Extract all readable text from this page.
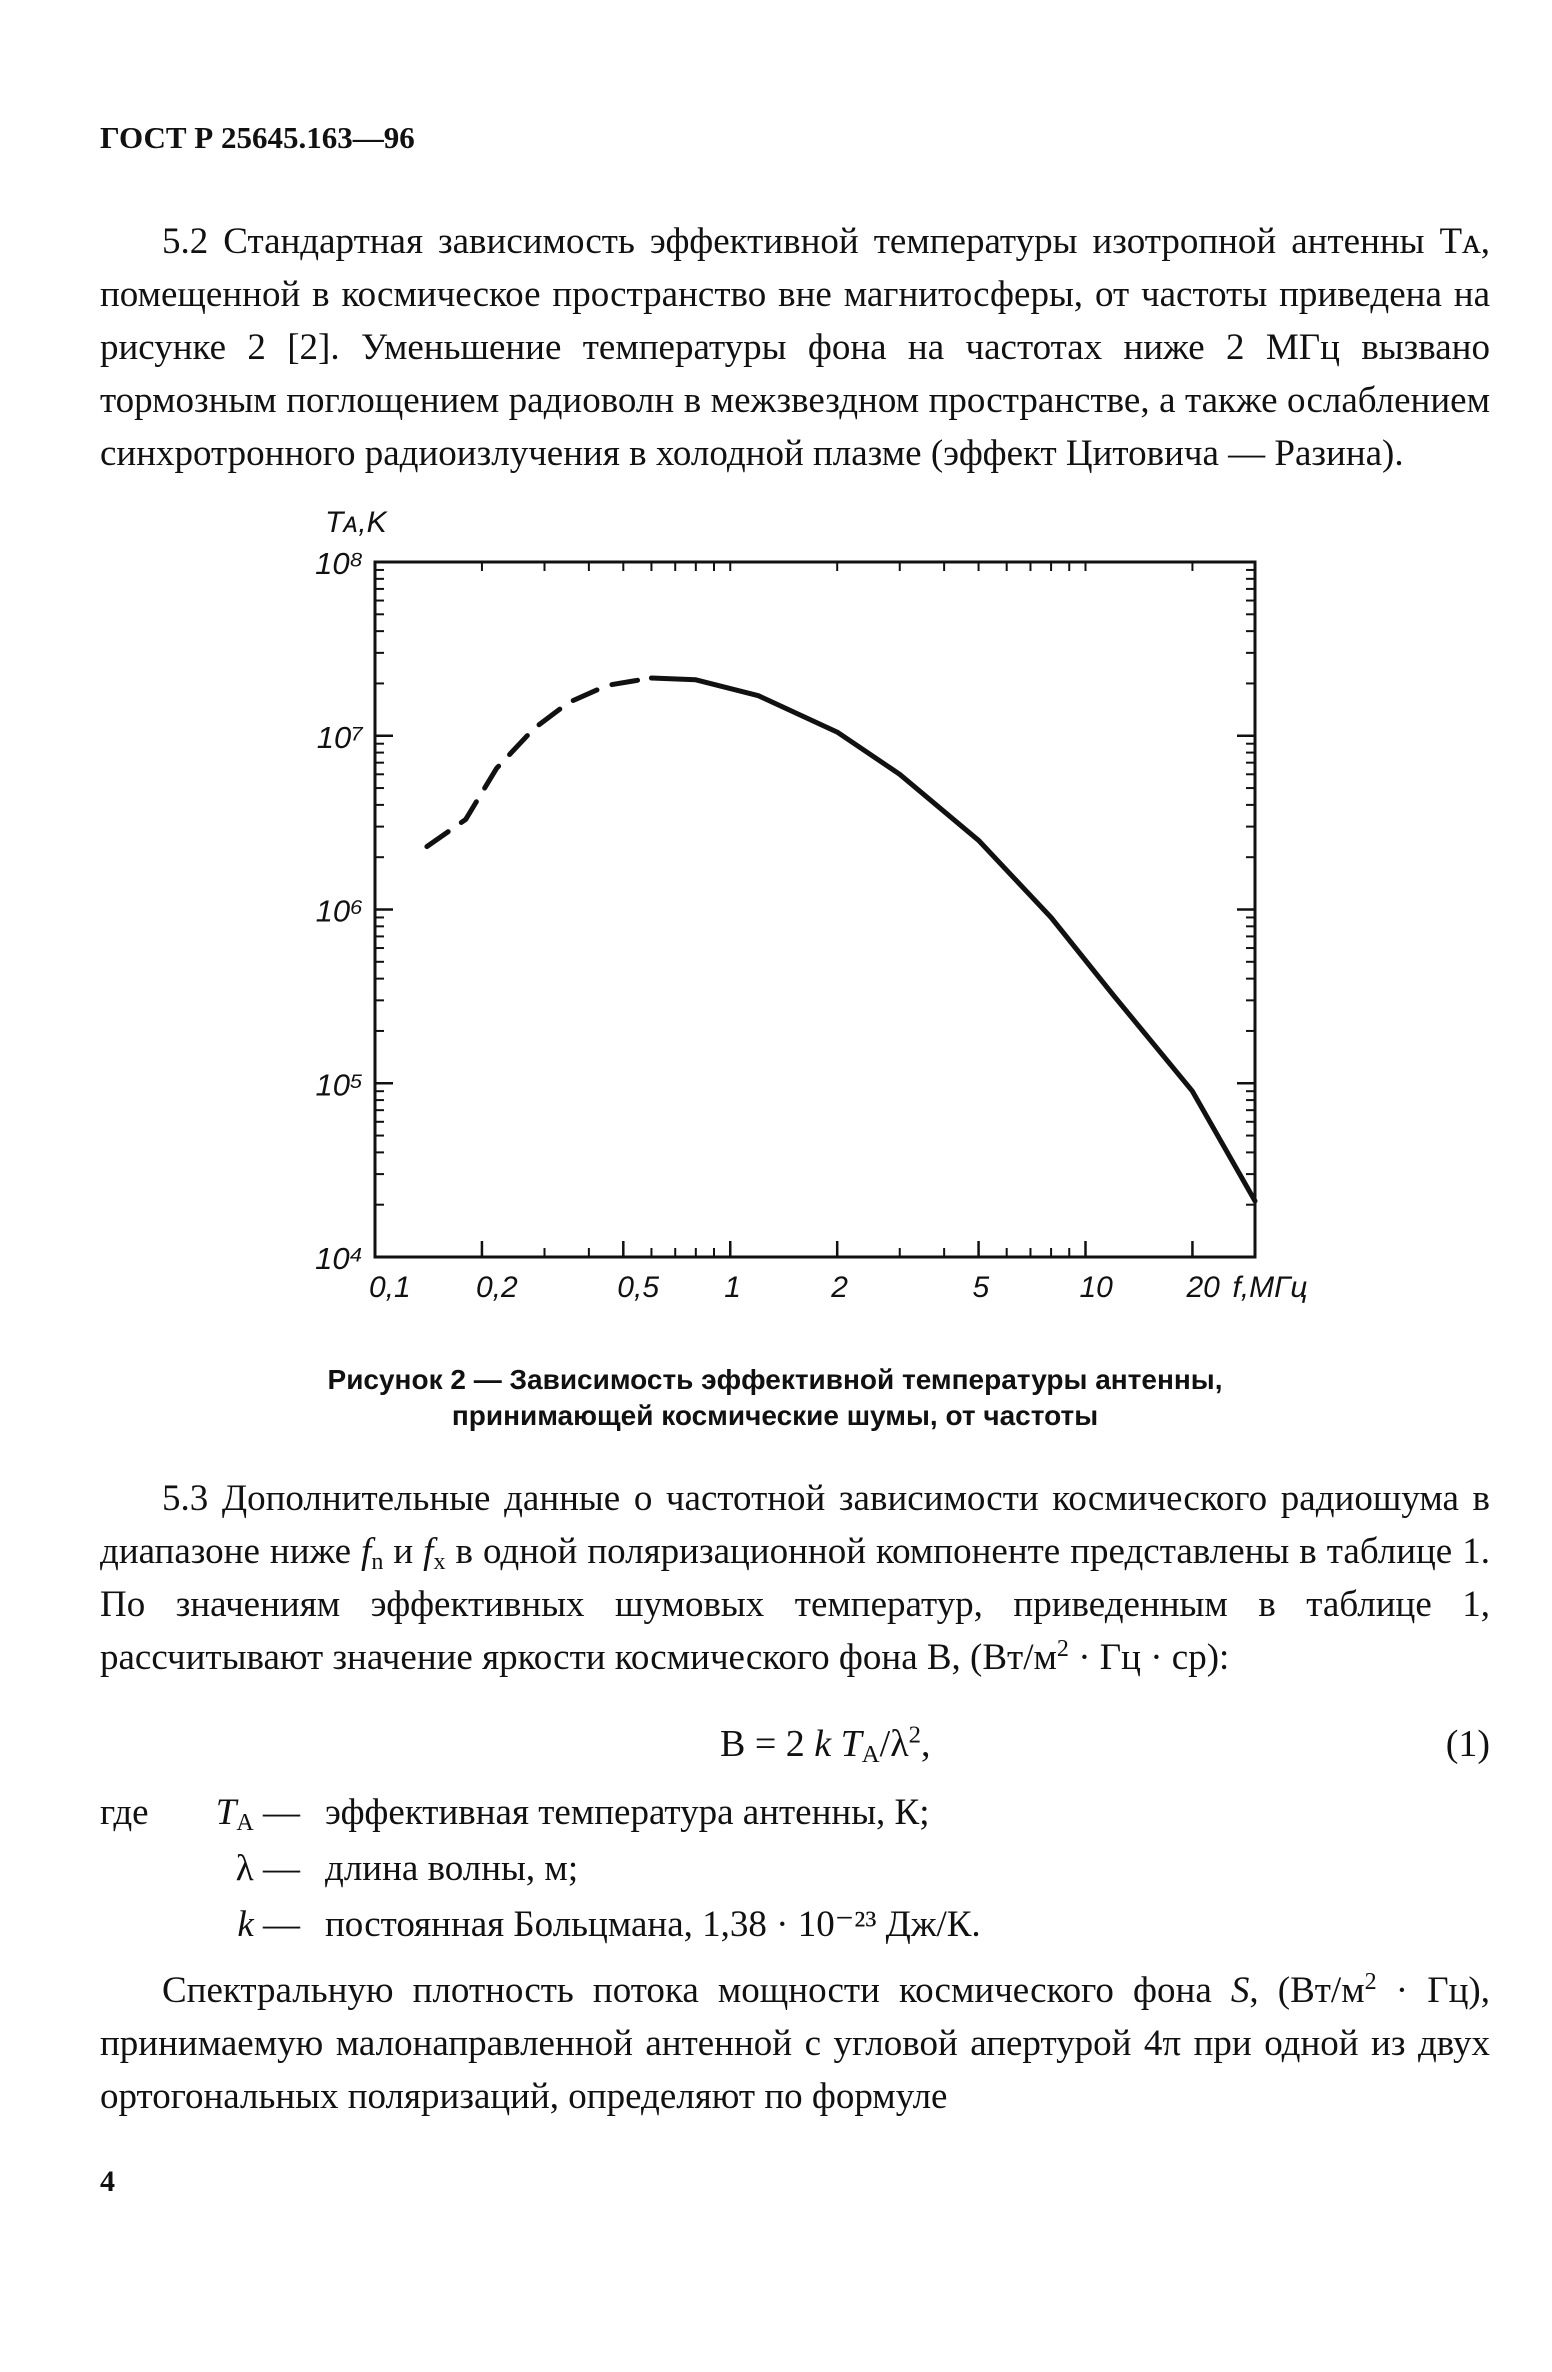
ГОСТ Р 25645.163—96

5.2 Стандартная зависимость эффективной температуры изотропной антенны Tᴀ, помещенной в космическое пространство вне магнитосферы, от частоты приведена на рисунке 2 [2]. Уменьшение температуры фона на частотах ниже 2 МГц вызвано тормозным поглощением радиоволн в межзвездном пространстве, а также ослаблением синхротронного радиоизлучения в холодной плазме (эффект Цитовича — Разина).

0,1 0,2	0,5 1	2	5	10 20
10⁴
10⁵
10⁶
10⁷
10⁸
f,МГц
Tᴀ,K
Рисунок 2 — Зависимость эффективной температуры антенны,
принимающей космические шумы, от частоты

5.3 Дополнительные данные о частотной зависимости космического радиошума в диапазоне ниже $f_n$ и $f_x$ в одной поляризационной компоненте представлены в таблице 1. По значениям эффективных шумовых температур, приведенным в таблице 1, рассчитывают значение яркости космического фона В, ($Вт/м^2$ · Гц · ср):

B = 2 k $T_A/\lambda^2$,	(1)
где	$T_A$ — эффективная температура антенны, К;
λ — длина волны, м;
k — постоянная Больцмана, 1,38 · 10⁻²³ Дж/К.

Спектральную плотность потока мощности космического фона S, $(Вт/м^2 \cdot Гц)$, принимаемую малонаправленной антенной с угловой апертурой 4π при одной из двух ортогональных поляризаций, определяют по формуле

4
